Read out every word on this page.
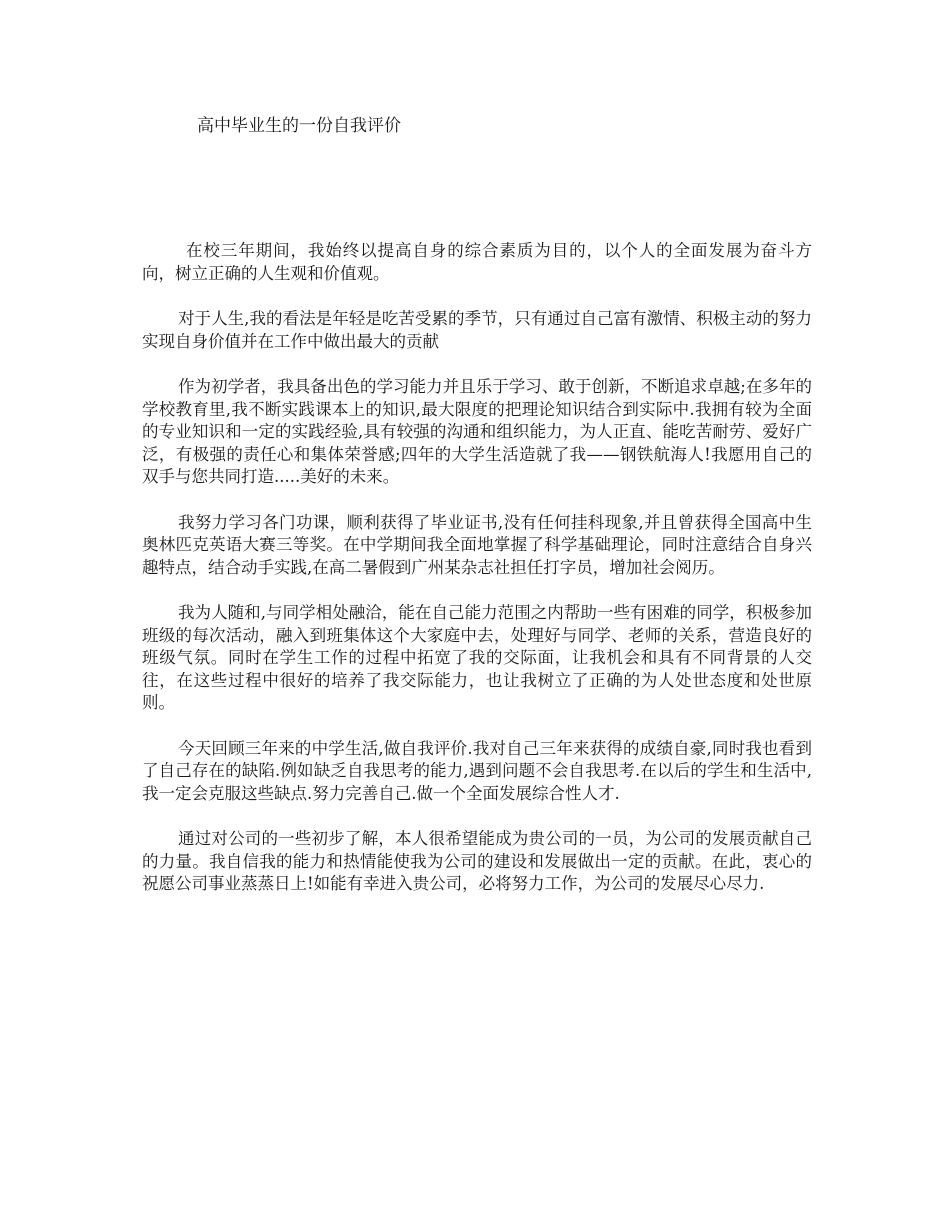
高中毕业生的一份自我评价

在校三年期间，我始终以提高自身的综合素质为目的，以个人的全面发展为奋斗方向，树立正确的人生观和价值观。

对于人生,我的看法是年轻是吃苦受累的季节，只有通过自己富有激情、积极主动的努力实现自身价值并在工作中做出最大的贡献

作为初学者，我具备出色的学习能力并且乐于学习、敢于创新，不断追求卓越;在多年的学校教育里,我不断实践课本上的知识,最大限度的把理论知识结合到实际中.我拥有较为全面的专业知识和一定的实践经验,具有较强的沟通和组织能力，为人正直、能吃苦耐劳、爱好广泛，有极强的责任心和集体荣誉感;四年的大学生活造就了我——钢铁航海人!我愿用自己的双手与您共同打造.....美好的未来。

我努力学习各门功课，顺利获得了毕业证书,没有任何挂科现象,并且曾获得全国高中生奥林匹克英语大赛三等奖。在中学期间我全面地掌握了科学基础理论，同时注意结合自身兴趣特点，结合动手实践,在高二暑假到广州某杂志社担任打字员，增加社会阅历。

我为人随和,与同学相处融洽，能在自己能力范围之内帮助一些有困难的同学，积极参加班级的每次活动，融入到班集体这个大家庭中去，处理好与同学、老师的关系，营造良好的班级气氛。同时在学生工作的过程中拓宽了我的交际面，让我机会和具有不同背景的人交往，在这些过程中很好的培养了我交际能力，也让我树立了正确的为人处世态度和处世原则。

今天回顾三年来的中学生活,做自我评价.我对自己三年来获得的成绩自豪,同时我也看到了自己存在的缺陷.例如缺乏自我思考的能力,遇到问题不会自我思考.在以后的学生和生活中,我一定会克服这些缺点.努力完善自己.做一个全面发展综合性人才.

通过对公司的一些初步了解，本人很希望能成为贵公司的一员，为公司的发展贡献自己的力量。我自信我的能力和热情能使我为公司的建设和发展做出一定的贡献。在此，衷心的祝愿公司事业蒸蒸日上!如能有幸进入贵公司，必将努力工作，为公司的发展尽心尽力.
